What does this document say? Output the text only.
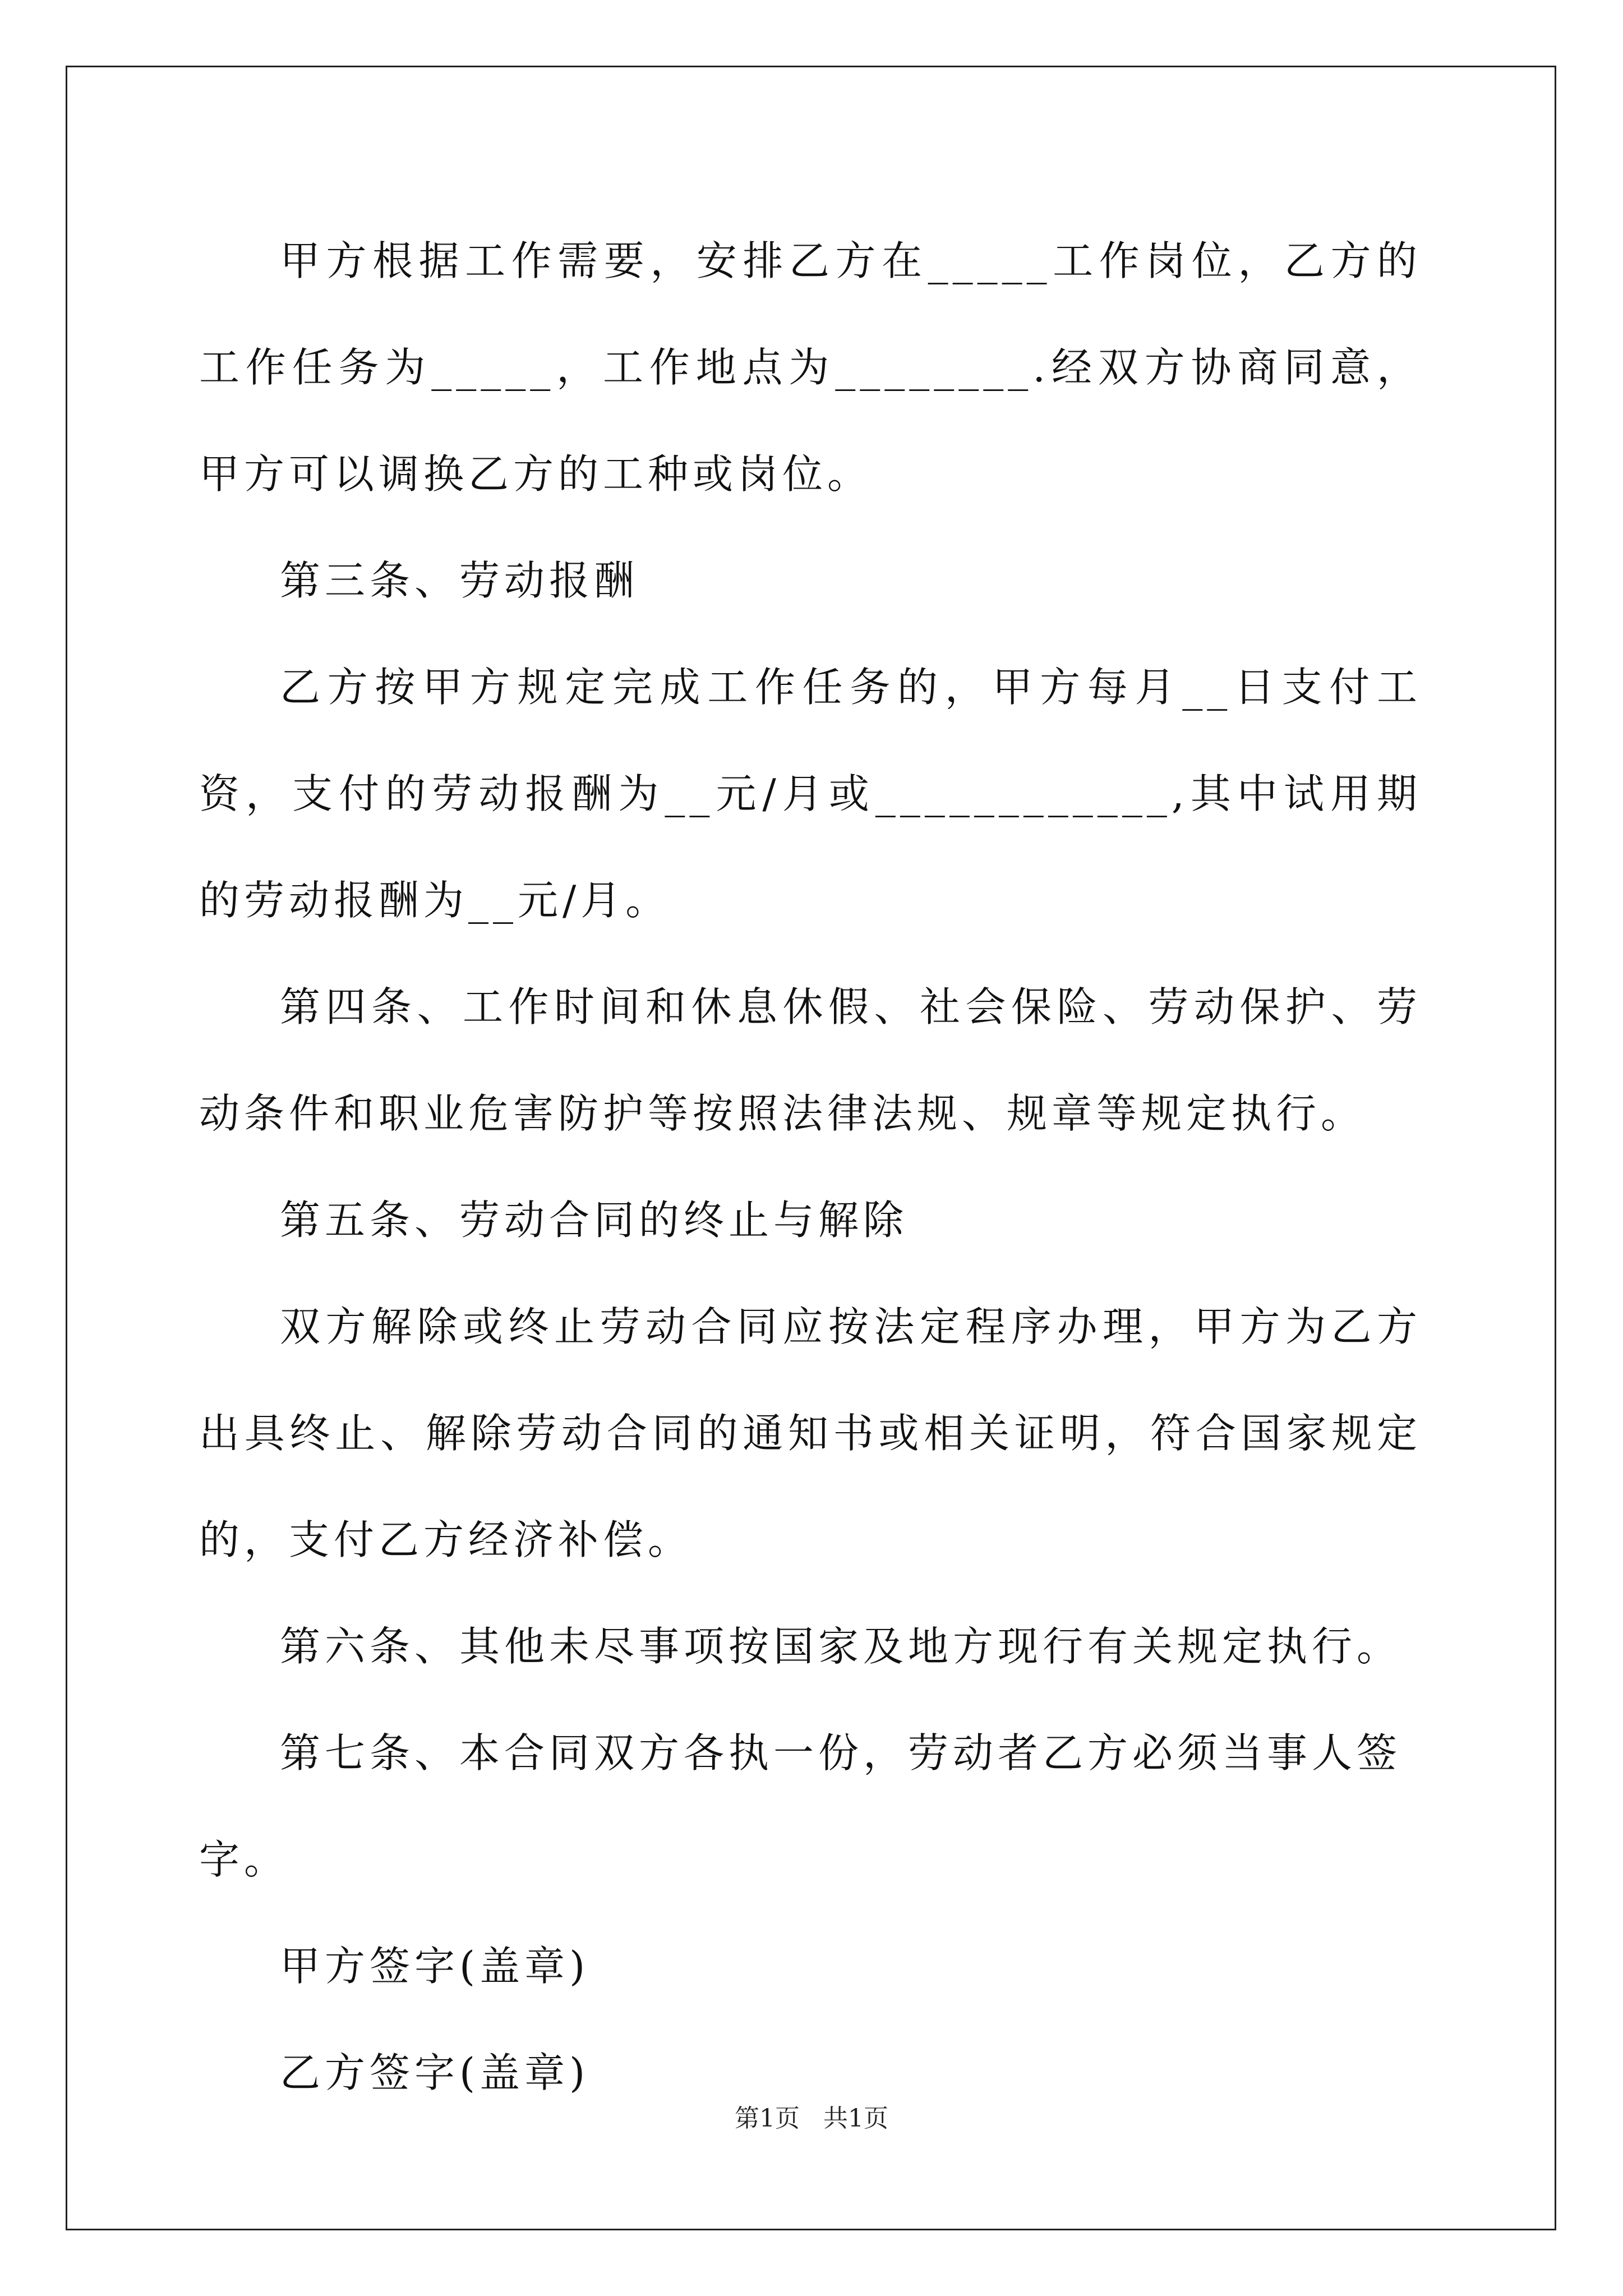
甲方根据工作需要，安排乙方在_____工作岗位，乙方的工作任务为_____，工作地点为________.经双方协商同意，甲方可以调换乙方的工种或岗位。

第三条、劳动报酬

乙方按甲方规定完成工作任务的，甲方每月__日支付工资，支付的劳动报酬为__元/月或____________,其中试用期的劳动报酬为__元/月。

第四条、工作时间和休息休假、社会保险、劳动保护、劳动条件和职业危害防护等按照法律法规、规章等规定执行。

第五条、劳动合同的终止与解除

双方解除或终止劳动合同应按法定程序办理，甲方为乙方出具终止、解除劳动合同的通知书或相关证明，符合国家规定的，支付乙方经济补偿。

第六条、其他未尽事项按国家及地方现行有关规定执行。

第七条、本合同双方各执一份，劳动者乙方必须当事人签字。

甲方签字(盖章)

乙方签字(盖章)

第1页   共1页
